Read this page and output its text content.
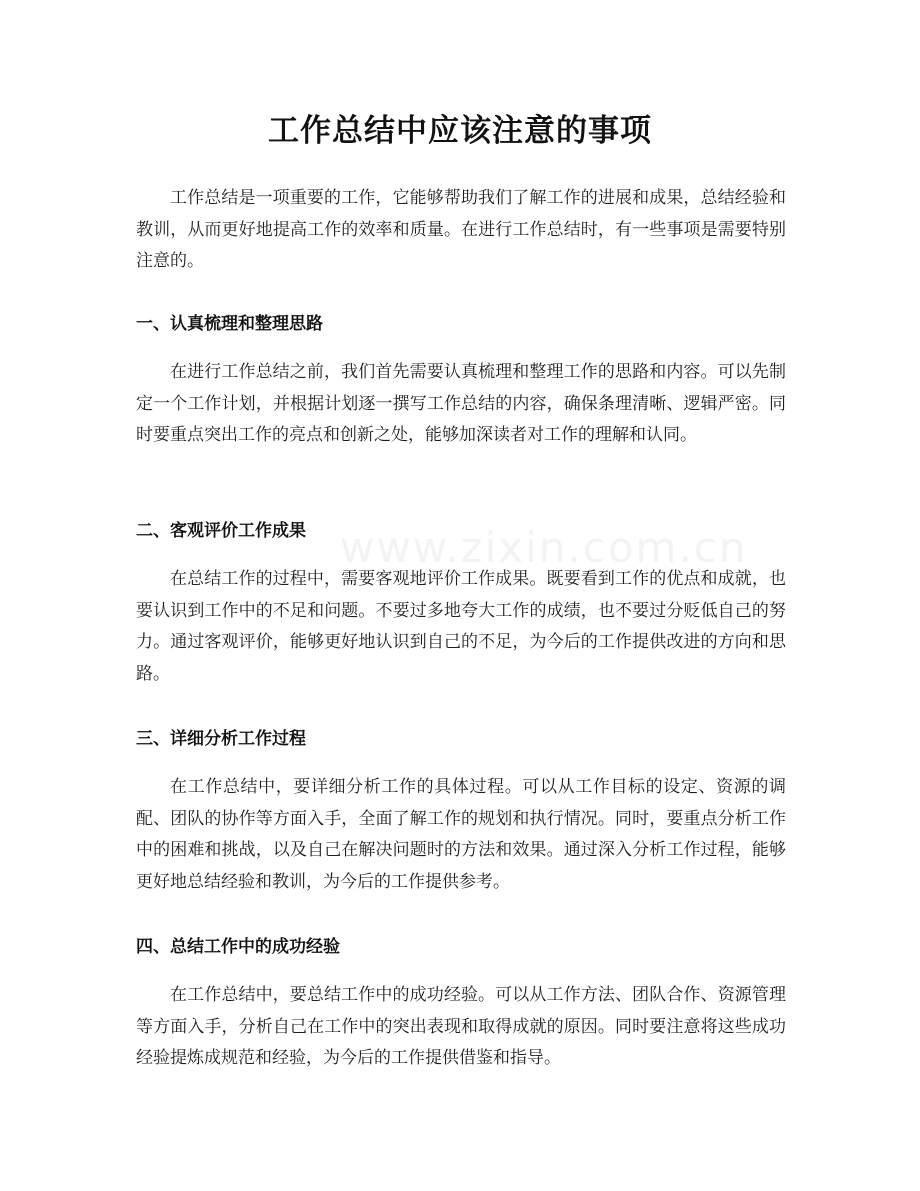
工作总结中应该注意的事项

工作总结是一项重要的工作，它能够帮助我们了解工作的进展和成果，总结经验和教训，从而更好地提高工作的效率和质量。在进行工作总结时，有一些事项是需要特别注意的。

一、认真梳理和整理思路

在进行工作总结之前，我们首先需要认真梳理和整理工作的思路和内容。可以先制定一个工作计划，并根据计划逐一撰写工作总结的内容，确保条理清晰、逻辑严密。同时要重点突出工作的亮点和创新之处，能够加深读者对工作的理解和认同。

二、客观评价工作成果

在总结工作的过程中，需要客观地评价工作成果。既要看到工作的优点和成就，也要认识到工作中的不足和问题。不要过多地夸大工作的成绩，也不要过分贬低自己的努力。通过客观评价，能够更好地认识到自己的不足，为今后的工作提供改进的方向和思路。

三、详细分析工作过程

在工作总结中，要详细分析工作的具体过程。可以从工作目标的设定、资源的调配、团队的协作等方面入手，全面了解工作的规划和执行情况。同时，要重点分析工作中的困难和挑战，以及自己在解决问题时的方法和效果。通过深入分析工作过程，能够更好地总结经验和教训，为今后的工作提供参考。

四、总结工作中的成功经验

在工作总结中，要总结工作中的成功经验。可以从工作方法、团队合作、资源管理等方面入手，分析自己在工作中的突出表现和取得成就的原因。同时要注意将这些成功经验提炼成规范和经验，为今后的工作提供借鉴和指导。

www.zixin.com.cn
